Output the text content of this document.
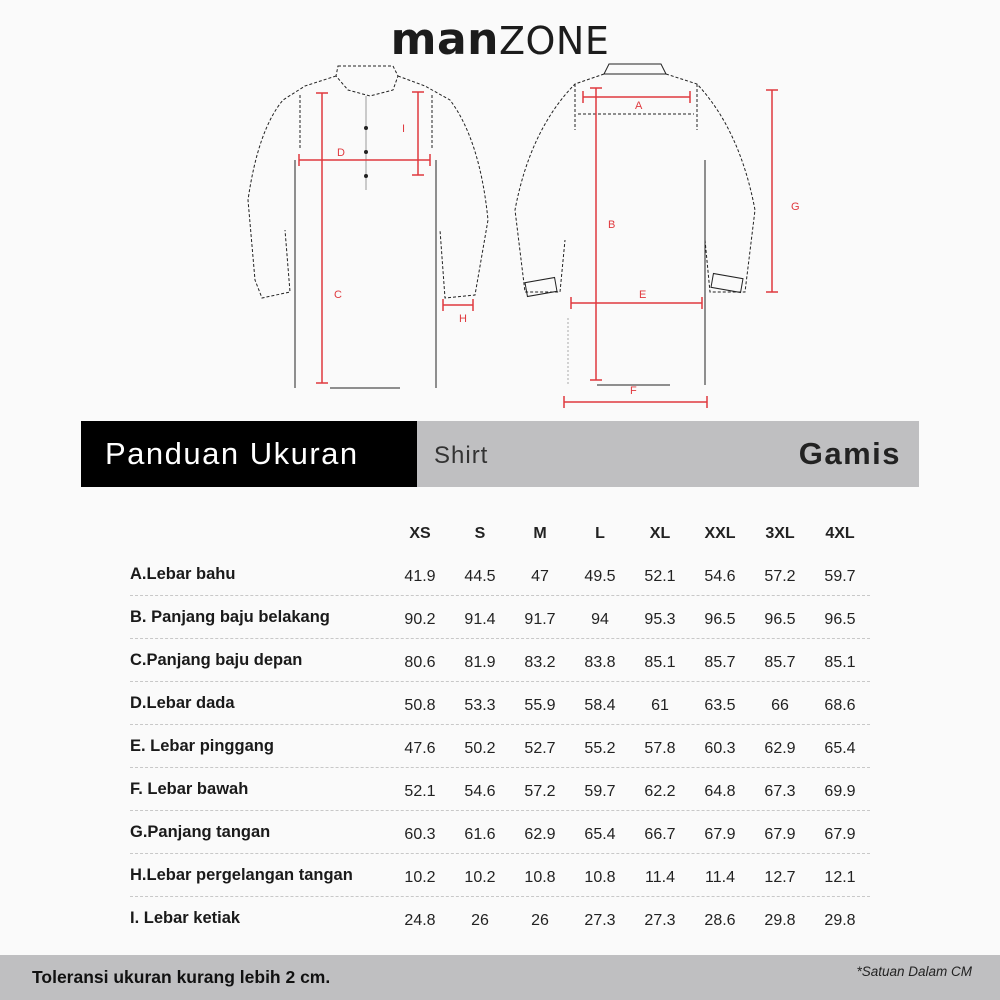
manZONE
D
I
C
H
A
B
E
F
G
Panduan Ukuran	Shirt	Gamis
XS	S	M	L	XL	XXL	3XL	4XL
A.Lebar bahu	41.9	44.5	47	49.5	52.1	54.6	57.2	59.7
B. Panjang baju belakang	90.2	91.4	91.7	94	95.3	96.5	96.5	96.5
C.Panjang baju depan	80.6	81.9	83.2	83.8	85.1	85.7	85.7	85.1
D.Lebar dada	50.8	53.3	55.9	58.4	61	63.5	66	68.6
E. Lebar pinggang	47.6	50.2	52.7	55.2	57.8	60.3	62.9	65.4
F. Lebar bawah	52.1	54.6	57.2	59.7	62.2	64.8	67.3	69.9
G.Panjang tangan	60.3	61.6	62.9	65.4	66.7	67.9	67.9	67.9
H.Lebar pergelangan tangan	10.2	10.2	10.8	10.8	11.4	11.4	12.7	12.1
I. Lebar ketiak	24.8	26	26	27.3	27.3	28.6	29.8	29.8
Toleransi ukuran kurang lebih 2 cm.	*Satuan Dalam CM
